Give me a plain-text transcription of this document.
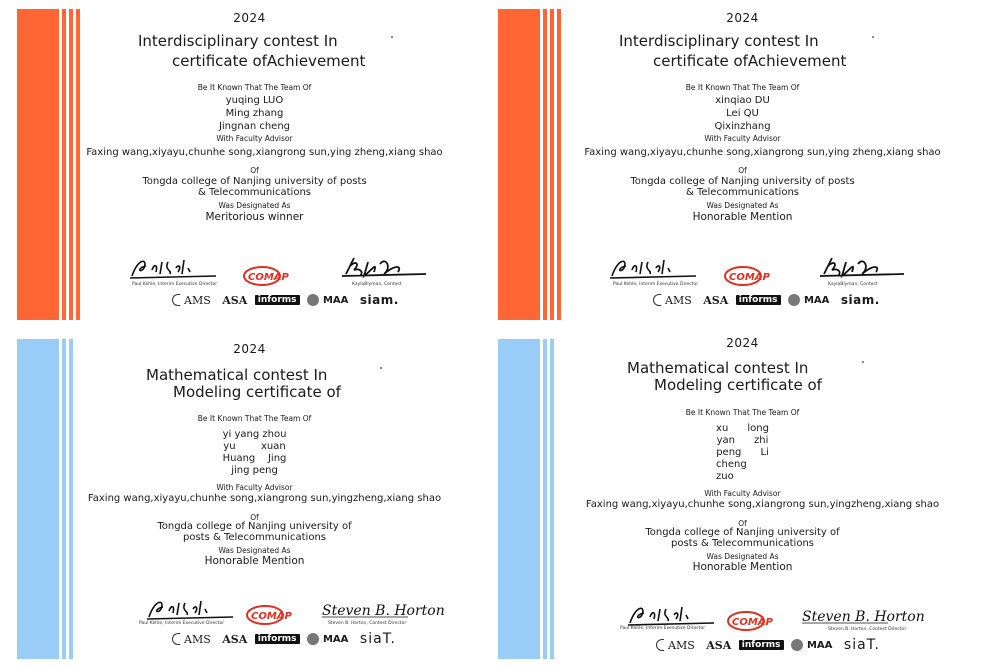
2024
Interdisciplinary contest In
certificate ofAchievement
Be It Known That The Team Of
yuqing LUO
Ming zhang
Jingnan cheng
With Faculty Advisor
Faxing wang,xiyayu,chunhe song,xiangrong sun,ying zheng,xiang shao
Of
Tongda college of Nanjing university of posts
& Telecommunications
Was Designated As
Meritorious winner
Paul Kehle, Interim Executive Director
COMAP
KaylaBlyman, Contest
AMS ASA informs	MAA siam.
2024
Interdisciplinary contest In
certificate ofAchievement
Be It Known That The Team Of
xinqiao DU
Lei QU
Qixinzhang
With Faculty Advisor
Faxing wang,xiyayu,chunhe song,xiangrong sun,ying zheng,xiang shao
Of
Tongda college of Nanjing university of posts
& Telecommunications
Was Designated As
Honorable Mention
Paul Kehle, Interim Executive Director
COMAP
KaylaBlyman, Contest
AMS ASA informs	MAA siam.
2024
Mathematical contest In
Modeling certificate of
Be It Known That The Team Of
yi yang zhou
yu        xuan
Huang    Jing
jing peng
With Faculty Advisor
Faxing wang,xiyayu,chunhe song,xiangrong sun,yingzheng,xiang shao
Of
Tongda college of Nanjing university of
posts & Telecommunications
Was Designated As
Honorable Mention
Paul Kehle, Interim Executive Director
COMAP Steven B. Horton
Steven B. Horton, Contest Director
AMS ASA informs	MAA siaT.
2024
Mathematical contest In
Modeling certificate of
Be It Known That The Team Of
xu      long
yan      zhi
peng      Li
cheng
zuo
With Faculty Advisor
Faxing wang,xiyayu,chunhe song,xiangrong sun,yingzheng,xiang shao
Of
Tongda college of Nanjing university of
posts & Telecommunications
Was Designated As
Honorable Mention
Paul Kehle, Interim Executive Director
COMAP Steven B. Horton
Steven B. Horton, Contest Director
AMS ASA informs	MAA siaT.
